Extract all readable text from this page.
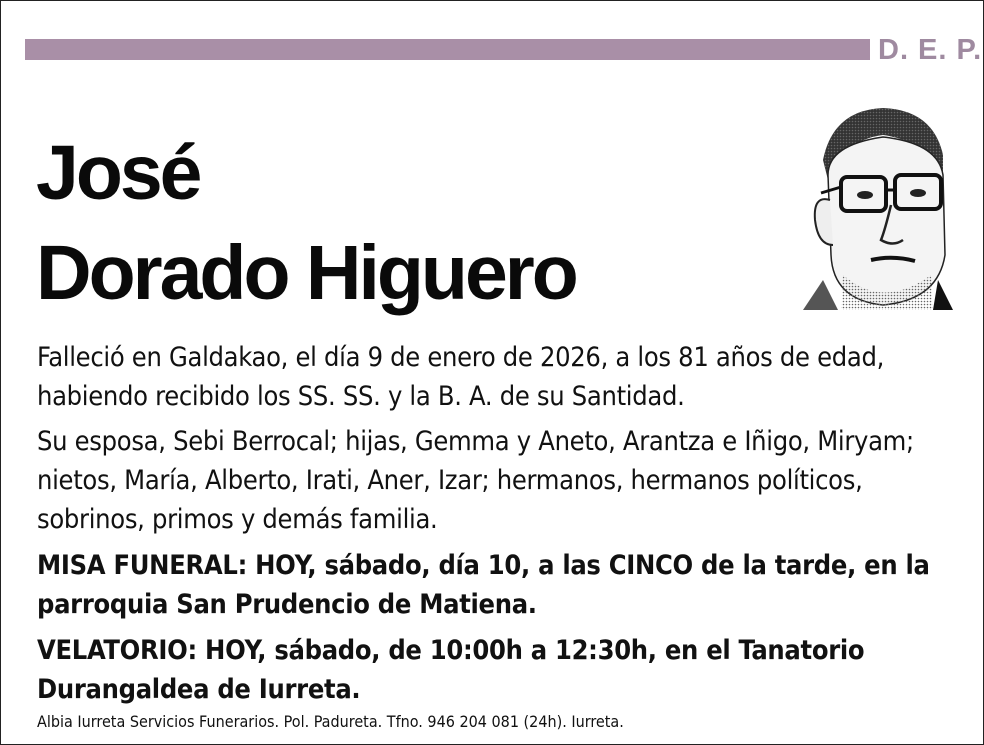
D. E. P.
José
Dorado Higuero
Falleció en Galdakao, el día 9 de enero de 2026, a los 81 años de edad, habiendo recibido los SS. SS. y la B. A. de su Santidad.
Su esposa, Sebi Berrocal; hijas, Gemma y Aneto, Arantza e Iñigo, Miryam; nietos, María, Alberto, Irati, Aner, Izar; hermanos, hermanos políticos, sobrinos, primos y demás familia.
MISA FUNERAL: HOY, sábado, día 10, a las CINCO de la tarde, en la parroquia San Prudencio de Matiena.
VELATORIO: HOY, sábado, de 10:00h a 12:30h, en el Tanatorio Durangaldea de Iurreta.
Albia Iurreta Servicios Funerarios. Pol. Padureta. Tfno. 946 204 081 (24h). Iurreta.
